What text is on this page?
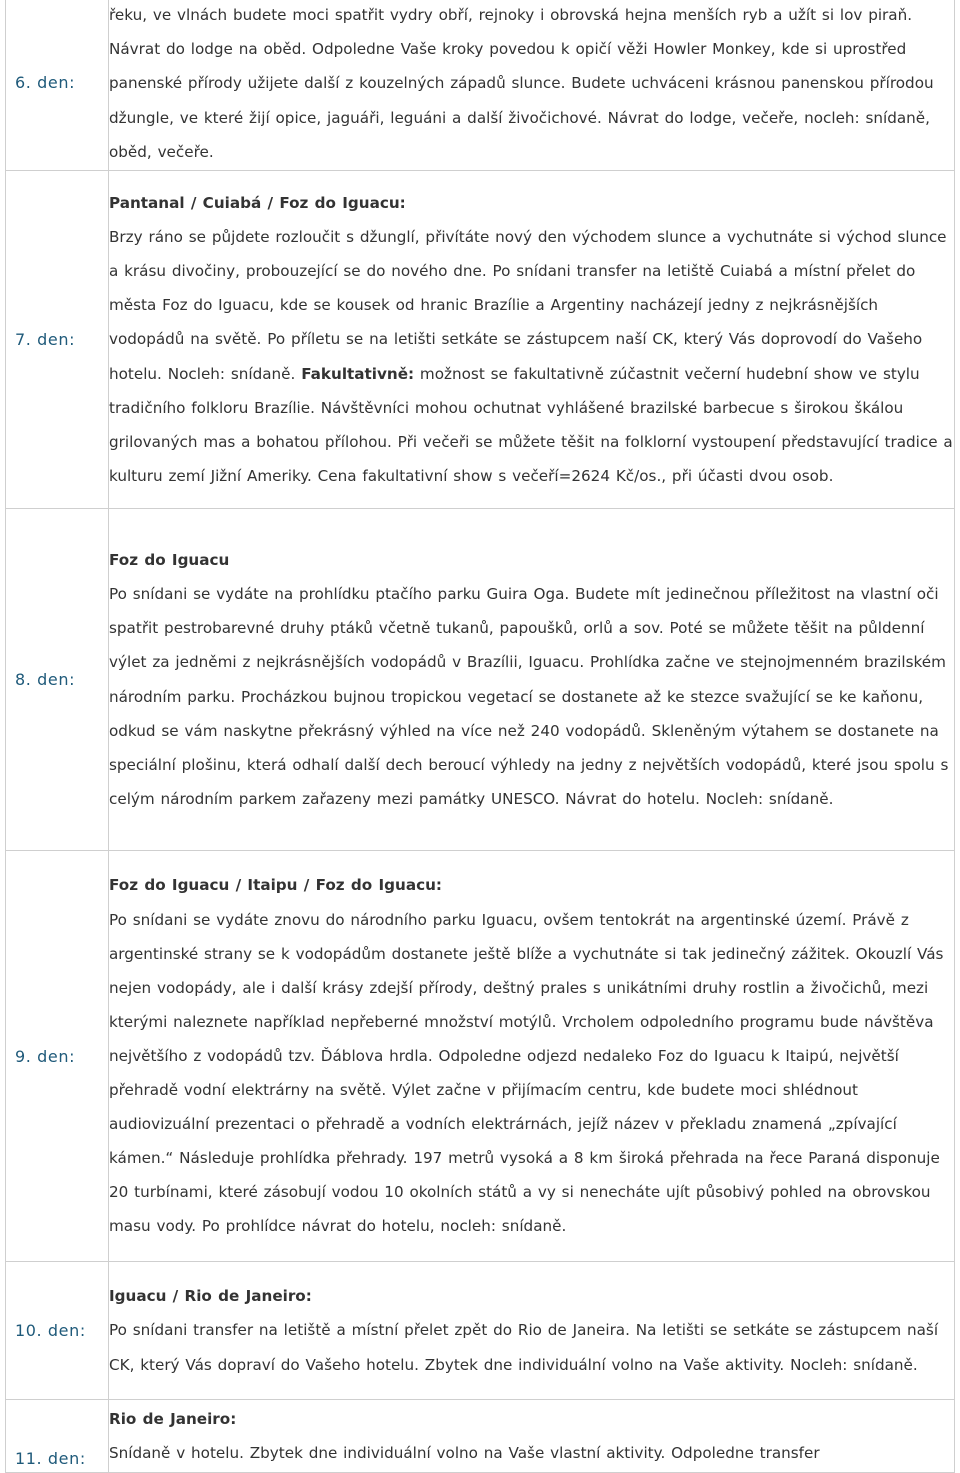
6. den:	řeku, ve vlnách budete moci spatřit vydry obří, rejnoky i obrovská hejna menších ryb a užít si lov piraň. Návrat do lodge na oběd. Odpoledne Vaše kroky povedou k opičí věži Howler Monkey, kde si uprostřed panenské přírody užijete další z kouzelných západů slunce. Budete uchváceni krásnou panenskou přírodou džungle, ve které žijí opice, jaguáři, leguáni a další živočichové. Návrat do lodge, večeře, nocleh: snídaně, oběd, večeře.

7. den:	Pantanal / Cuiabá / Foz do Iguacu:

Brzy ráno se půjdete rozloučit s džunglí, přivítáte nový den východem slunce a vychutnáte si východ slunce a krásu divočiny, probouzející se do nového dne. Po snídani transfer na letiště Cuiabá a místní přelet do města Foz do Iguacu, kde se kousek od hranic Brazílie a Argentiny nacházejí jedny z nejkrásnějších vodopádů na světě. Po příletu se na letišti setkáte se zástupcem naší CK, který Vás doprovodí do Vašeho hotelu. Nocleh: snídaně. Fakultativně: možnost se fakultativně zúčastnit večerní hudební show ve stylu tradičního folkloru Brazílie. Návštěvníci mohou ochutnat vyhlášené brazilské barbecue s širokou škálou grilovaných mas a bohatou přílohou. Při večeři se můžete těšit na folklorní vystoupení představující tradice a kulturu zemí Jižní Ameriky. Cena fakultativní show s večeří=2624 Kč/os., při účasti dvou osob.

8. den:	Foz do Iguacu

Po snídani se vydáte na prohlídku ptačího parku Guira Oga. Budete mít jedinečnou příležitost na vlastní oči spatřit pestrobarevné druhy ptáků včetně tukanů, papoušků, orlů a sov. Poté se můžete těšit na půldenní výlet za jedněmi z nejkrásnějších vodopádů v Brazílii, Iguacu. Prohlídka začne ve stejnojmenném brazilském národním parku. Procházkou bujnou tropickou vegetací se dostanete až ke stezce svažující se ke kaňonu, odkud se vám naskytne překrásný výhled na více než 240 vodopádů. Skleněným výtahem se dostanete na speciální plošinu, která odhalí další dech beroucí výhledy na jedny z největších vodopádů, které jsou spolu s celým národním parkem zařazeny mezi památky UNESCO. Návrat do hotelu. Nocleh: snídaně.

9. den:	Foz do Iguacu / Itaipu / Foz do Iguacu:

Po snídani se vydáte znovu do národního parku Iguacu, ovšem tentokrát na argentinské území. Právě z argentinské strany se k vodopádům dostanete ještě blíže a vychutnáte si tak jedinečný zážitek. Okouzlí Vás nejen vodopády, ale i další krásy zdejší přírody, deštný prales s unikátními druhy rostlin a živočichů, mezi kterými naleznete například nepřeberné množství motýlů. Vrcholem odpoledního programu bude návštěva největšího z vodopádů tzv. Ďáblova hrdla. Odpoledne odjezd nedaleko Foz do Iguacu k Itaipú, největší přehradě vodní elektrárny na světě. Výlet začne v přijímacím centru, kde budete moci shlédnout audiovizuální prezentaci o přehradě a vodních elektrárnách, jejíž název v překladu znamená „zpívající kámen.“ Následuje prohlídka přehrady. 197 metrů vysoká a 8 km široká přehrada na řece Paraná disponuje 20 turbínami, které zásobují vodou 10 okolních států a vy si nenecháte ujít působivý pohled na obrovskou masu vody. Po prohlídce návrat do hotelu, nocleh: snídaně.

10. den:	Iguacu / Rio de Janeiro:

Po snídani transfer na letiště a místní přelet zpět do Rio de Janeira. Na letišti se setkáte se zástupcem naší CK, který Vás dopraví do Vašeho hotelu. Zbytek dne individuální volno na Vaše aktivity. Nocleh: snídaně.

11. den:	Rio de Janeiro:

Snídaně v hotelu. Zbytek dne individuální volno na Vaše vlastní aktivity. Odpoledne transfer
